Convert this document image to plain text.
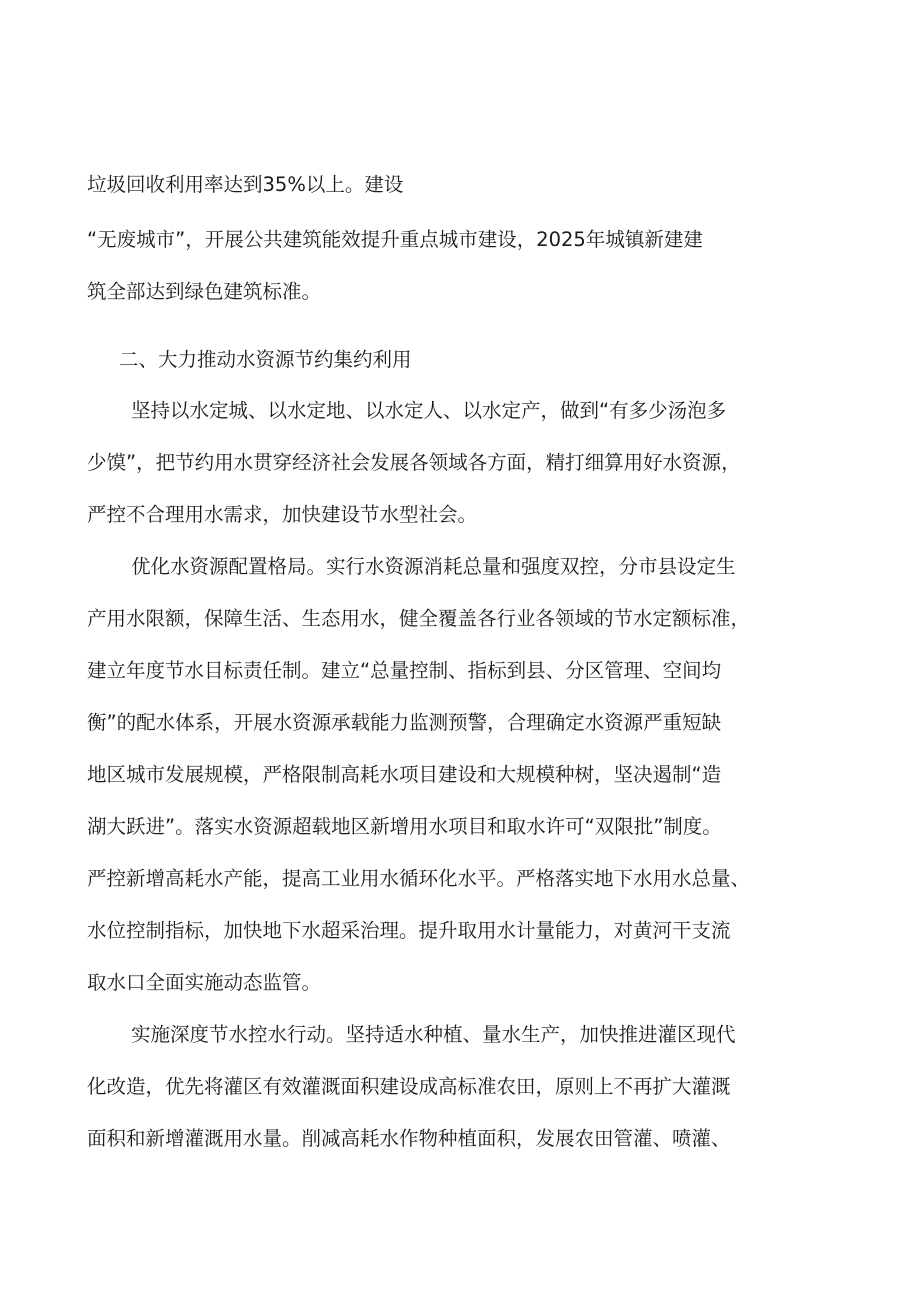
垃圾回收利用率达到35%以上。建设
“无废城市”，开展公共建筑能效提升重点城市建设，2025年城镇新建建
筑全部达到绿色建筑标准。
二、大力推动水资源节约集约利用
坚持以水定城、以水定地、以水定人、以水定产，做到“有多少汤泡多
少馍”，把节约用水贯穿经济社会发展各领域各方面，精打细算用好水资源，
严控不合理用水需求，加快建设节水型社会。
优化水资源配置格局。实行水资源消耗总量和强度双控，分市县设定生
产用水限额，保障生活、生态用水，健全覆盖各行业各领域的节水定额标准，
建立年度节水目标责任制。建立“总量控制、指标到县、分区管理、空间均
衡”的配水体系，开展水资源承载能力监测预警，合理确定水资源严重短缺
地区城市发展规模，严格限制高耗水项目建设和大规模种树，坚决遏制“造
湖大跃进”。落实水资源超载地区新增用水项目和取水许可“双限批”制度。
严控新增高耗水产能，提高工业用水循环化水平。严格落实地下水用水总量、
水位控制指标，加快地下水超采治理。提升取用水计量能力，对黄河干支流
取水口全面实施动态监管。
实施深度节水控水行动。坚持适水种植、量水生产，加快推进灌区现代
化改造，优先将灌区有效灌溉面积建设成高标准农田，原则上不再扩大灌溉
面积和新增灌溉用水量。削减高耗水作物种植面积，发展农田管灌、喷灌、
